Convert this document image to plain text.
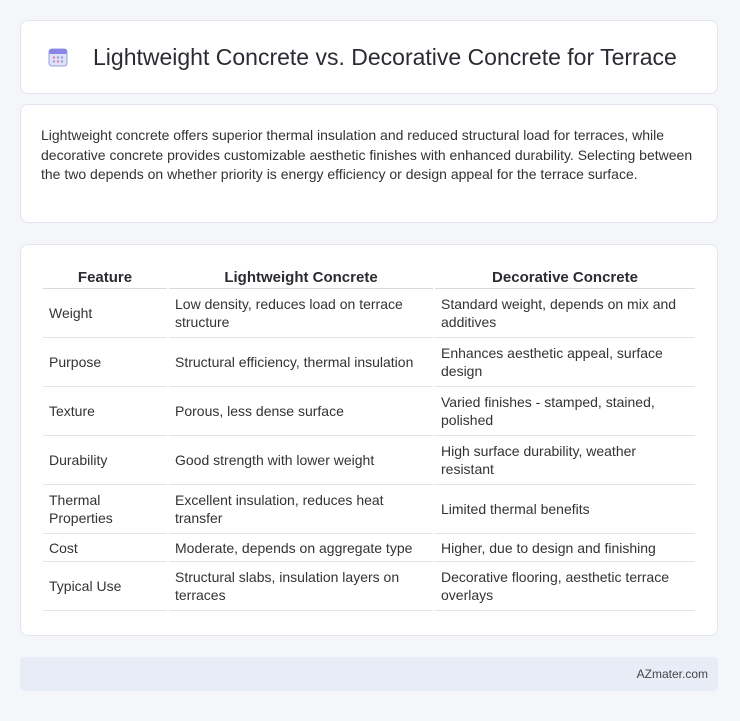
Lightweight Concrete vs. Decorative Concrete for Terrace

Lightweight concrete offers superior thermal insulation and reduced structural load for terraces, while decorative concrete provides customizable aesthetic finishes with enhanced durability. Selecting between the two depends on whether priority is energy efficiency or design appeal for the terrace surface.

Feature	Lightweight Concrete	Decorative Concrete
Weight	Low density, reduces load on terrace structure	Standard weight, depends on mix and additives
Purpose	Structural efficiency, thermal insulation	Enhances aesthetic appeal, surface design
Texture	Porous, less dense surface	Varied finishes - stamped, stained, polished
Durability	Good strength with lower weight	High surface durability, weather resistant
Thermal Properties	Excellent insulation, reduces heat transfer	Limited thermal benefits
Cost	Moderate, depends on aggregate type	Higher, due to design and finishing
Typical Use	Structural slabs, insulation layers on terraces	Decorative flooring, aesthetic terrace overlays
AZmater.com
